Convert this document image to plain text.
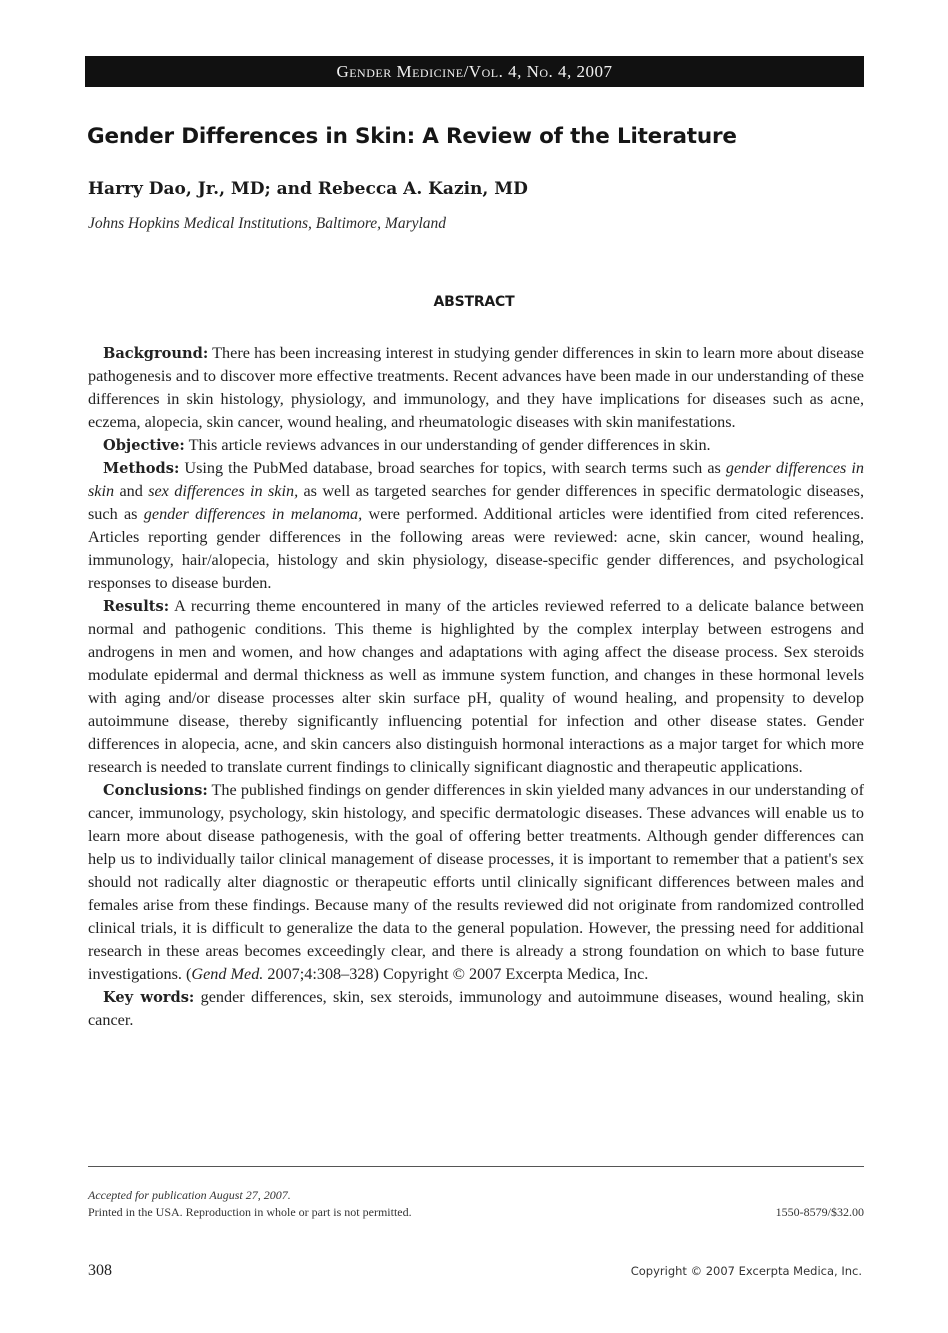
Gender Medicine/Vol. 4, No. 4, 2007
Gender Differences in Skin: A Review of the Literature

Harry Dao, Jr., MD; and Rebecca A. Kazin, MD

Johns Hopkins Medical Institutions, Baltimore, Maryland

ABSTRACT

Background: There has been increasing interest in studying gender differences in skin to learn more about disease pathogenesis and to discover more effective treatments. Recent advances have been made in our understanding of these differences in skin histology, physiology, and immunology, and they have implications for diseases such as acne, eczema, alopecia, skin cancer, wound healing, and rheumatologic diseases with skin manifestations.

Objective: This article reviews advances in our understanding of gender differences in skin.

Methods: Using the PubMed database, broad searches for topics, with search terms such as gender differences in skin and sex differences in skin, as well as targeted searches for gender differences in specific dermatologic diseases, such as gender differences in melanoma, were performed. Additional articles were identified from cited references. Articles reporting gender differences in the following areas were reviewed: acne, skin cancer, wound healing, immunology, hair/alopecia, histology and skin physiology, disease-specific gender differences, and psychological responses to disease burden.

Results: A recurring theme encountered in many of the articles reviewed referred to a delicate balance between normal and pathogenic conditions. This theme is highlighted by the complex interplay between estrogens and androgens in men and women, and how changes and adaptations with aging affect the disease process. Sex steroids modulate epidermal and dermal thickness as well as immune system function, and changes in these hormonal levels with aging and/or disease processes alter skin surface pH, quality of wound healing, and propensity to develop autoimmune disease, thereby significantly influencing potential for infection and other disease states. Gender differences in alopecia, acne, and skin cancers also distinguish hormonal interactions as a major target for which more research is needed to translate current findings to clinically significant diagnostic and therapeutic applications.

Conclusions: The published findings on gender differences in skin yielded many advances in our understanding of cancer, immunology, psychology, skin histology, and specific dermatologic diseases. These advances will enable us to learn more about disease pathogenesis, with the goal of offering better treatments. Although gender differences can help us to individually tailor clinical management of disease processes, it is important to remember that a patient's sex should not radically alter diagnostic or therapeutic efforts until clinically significant differences between males and females arise from these findings. Because many of the results reviewed did not originate from randomized controlled clinical trials, it is difficult to generalize the data to the general population. However, the pressing need for additional research in these areas becomes exceedingly clear, and there is already a strong foundation on which to base future investigations. (Gend Med. 2007;4:308–328) Copyright © 2007 Excerpta Medica, Inc.

Key words: gender differences, skin, sex steroids, immunology and autoimmune diseases, wound healing, skin cancer.

Accepted for publication August 27, 2007.
Printed in the USA. Reproduction in whole or part is not permitted.	1550-8579/$32.00
308	Copyright © 2007 Excerpta Medica, Inc.
